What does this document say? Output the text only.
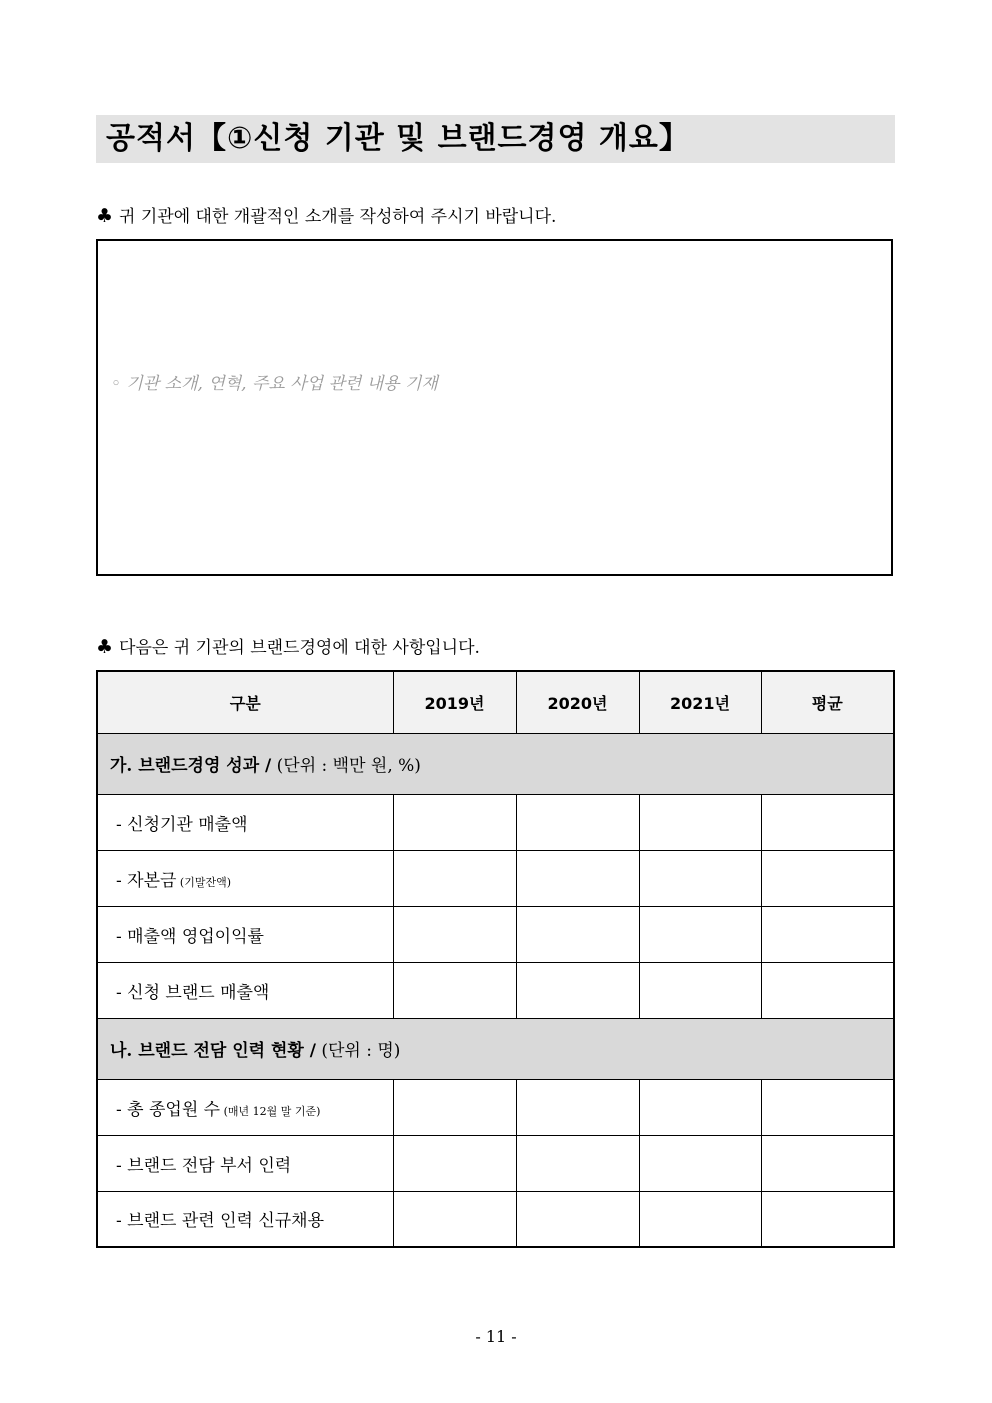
공적서【①신청 기관 및 브랜드경영 개요】
♣ 귀 기관에 대한 개괄적인 소개를 작성하여 주시기 바랍니다.
◦ 기관 소개, 연혁, 주요 사업 관련 내용 기재
♣ 다음은 귀 기관의 브랜드경영에 대한 사항입니다.
구분	2019년	2020년	2021년	평균
가. 브랜드경영 성과 / (단위 : 백만 원, %)				
- 신청기관 매출액				
- 자본금 (기말잔액)				
- 매출액 영업이익률				
- 신청 브랜드 매출액				
나. 브랜드 전담 인력 현황 / (단위 : 명)				
- 총 종업원 수 (매년 12월 말 기준)				
- 브랜드 전담 부서 인력				
- 브랜드 관련 인력 신규채용				
- 11 -
